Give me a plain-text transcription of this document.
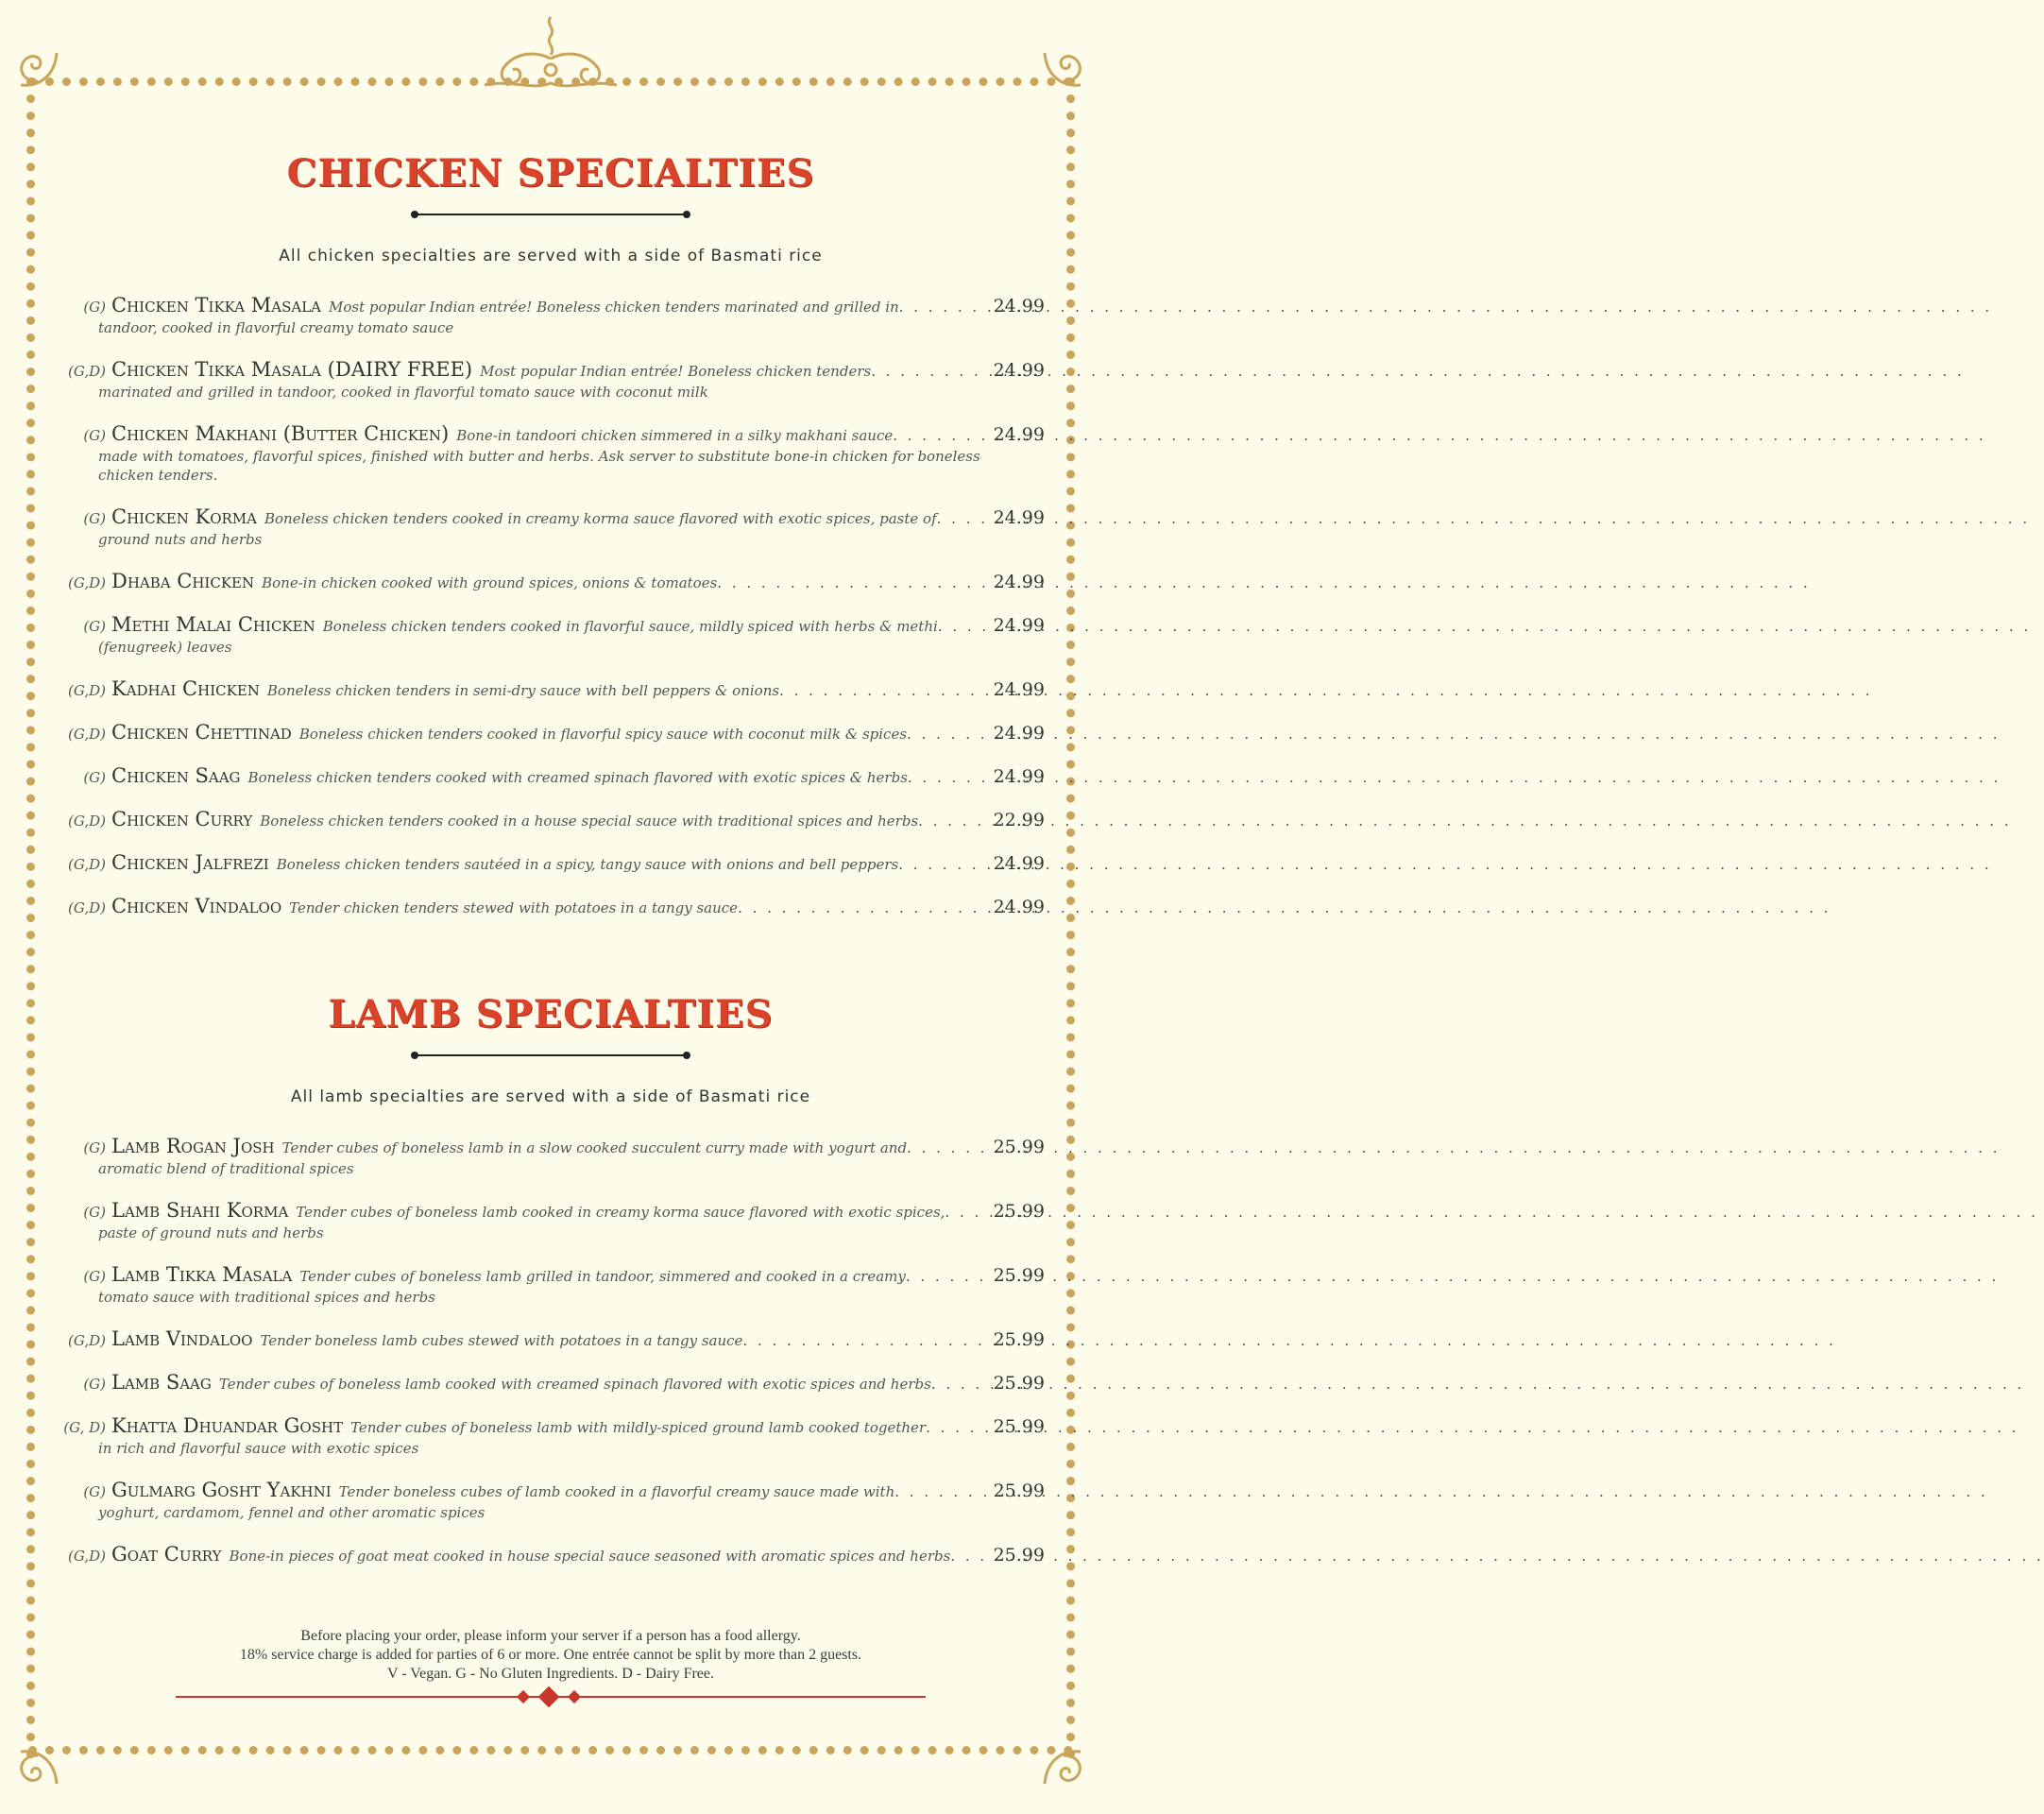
CHICKEN SPECIALTIES

All chicken specialties are served with a side of Basmati rice

(G) Chicken Tikka Masala Most popular Indian entrée! Boneless chicken tenders marinated and grilled in . . .	24.99
tandoor, cooked in flavorful creamy tomato sauce
(G,D) Chicken Tikka Masala (DAIRY FREE) Most popular Indian entrée! Boneless chicken tenders . . .	24.99
marinated and grilled in tandoor, cooked in flavorful tomato sauce with coconut milk
(G) Chicken Makhani (Butter Chicken) Bone-in tandoori chicken simmered in a silky makhani sauce . . .	24.99
made with tomatoes, flavorful spices, finished with butter and herbs. Ask server to substitute bone-in chicken for boneless chicken tenders.
(G) Chicken Korma Boneless chicken tenders cooked in creamy korma sauce flavored with exotic spices, paste of . . .	24.99
ground nuts and herbs
(G,D) Dhaba Chicken Bone-in chicken cooked with ground spices, onions & tomatoes . . .	24.99
(G) Methi Malai Chicken Boneless chicken tenders cooked in flavorful sauce, mildly spiced with herbs & methi . . .	24.99
(fenugreek) leaves
(G,D) Kadhai Chicken Boneless chicken tenders in semi-dry sauce with bell peppers & onions . . .	24.99
(G,D) Chicken Chettinad Boneless chicken tenders cooked in flavorful spicy sauce with coconut milk & spices . . .	24.99
(G) Chicken Saag Boneless chicken tenders cooked with creamed spinach flavored with exotic spices & herbs . . .	24.99
(G,D) Chicken Curry Boneless chicken tenders cooked in a house special sauce with traditional spices and herbs . . .	22.99
(G,D) Chicken Jalfrezi Boneless chicken tenders sautéed in a spicy, tangy sauce with onions and bell peppers . . .	24.99
(G,D) Chicken Vindaloo Tender chicken tenders stewed with potatoes in a tangy sauce . . .	24.99
LAMB SPECIALTIES

All lamb specialties are served with a side of Basmati rice

(G) Lamb Rogan Josh Tender cubes of boneless lamb in a slow cooked succulent curry made with yogurt and . . .	25.99
aromatic blend of traditional spices
(G) Lamb Shahi Korma Tender cubes of boneless lamb cooked in creamy korma sauce flavored with exotic spices, . . .	25.99
paste of ground nuts and herbs
(G) Lamb Tikka Masala Tender cubes of boneless lamb grilled in tandoor, simmered and cooked in a creamy . . .	25.99
tomato sauce with traditional spices and herbs
(G,D) Lamb Vindaloo Tender boneless lamb cubes stewed with potatoes in a tangy sauce . . .	25.99
(G) Lamb Saag Tender cubes of boneless lamb cooked with creamed spinach flavored with exotic spices and herbs . . .	25.99
(G, D) Khatta Dhuandar Gosht Tender cubes of boneless lamb with mildly-spiced ground lamb cooked together . . .	25.99
in rich and flavorful sauce with exotic spices
(G) Gulmarg Gosht Yakhni Tender boneless cubes of lamb cooked in a flavorful creamy sauce made with . . .	25.99
yoghurt, cardamom, fennel and other aromatic spices
(G,D) Goat Curry Bone-in pieces of goat meat cooked in house special sauce seasoned with aromatic spices and herbs . . .	25.99
Before placing your order, please inform your server if a person has a food allergy.
18% service charge is added for parties of 6 or more. One entrée cannot be split by more than 2 guests.
V - Vegan. G - No Gluten Ingredients. D - Dairy Free.
